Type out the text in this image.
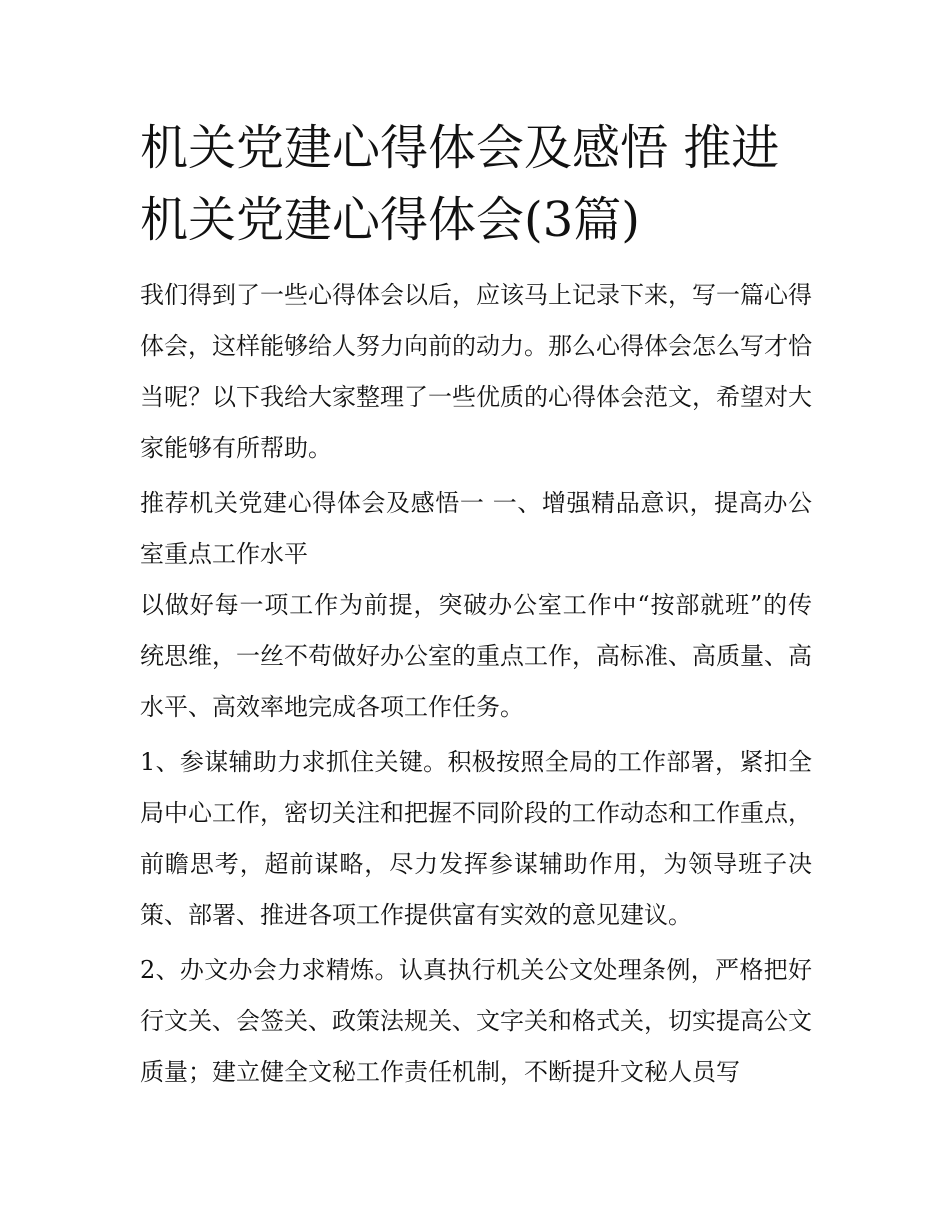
机关党建心得体会及感悟 推进机关党建心得体会(3篇)

我们得到了一些心得体会以后，应该马上记录下来，写一篇心得体会，这样能够给人努力向前的动力。那么心得体会怎么写才恰当呢？以下我给大家整理了一些优质的心得体会范文，希望对大家能够有所帮助。

推荐机关党建心得体会及感悟一 一、增强精品意识，提高办公室重点工作水平

以做好每一项工作为前提，突破办公室工作中“按部就班”的传统思维，一丝不苟做好办公室的重点工作，高标准、高质量、高水平、高效率地完成各项工作任务。

1、参谋辅助力求抓住关键。积极按照全局的工作部署，紧扣全局中心工作，密切关注和把握不同阶段的工作动态和工作重点，前瞻思考，超前谋略，尽力发挥参谋辅助作用，为领导班子决策、部署、推进各项工作提供富有实效的意见建议。

2、办文办会力求精炼。认真执行机关公文处理条例，严格把好行文关、会签关、政策法规关、文字关和格式关，切实提高公文质量；建立健全文秘工作责任机制，不断提升文秘人员写
